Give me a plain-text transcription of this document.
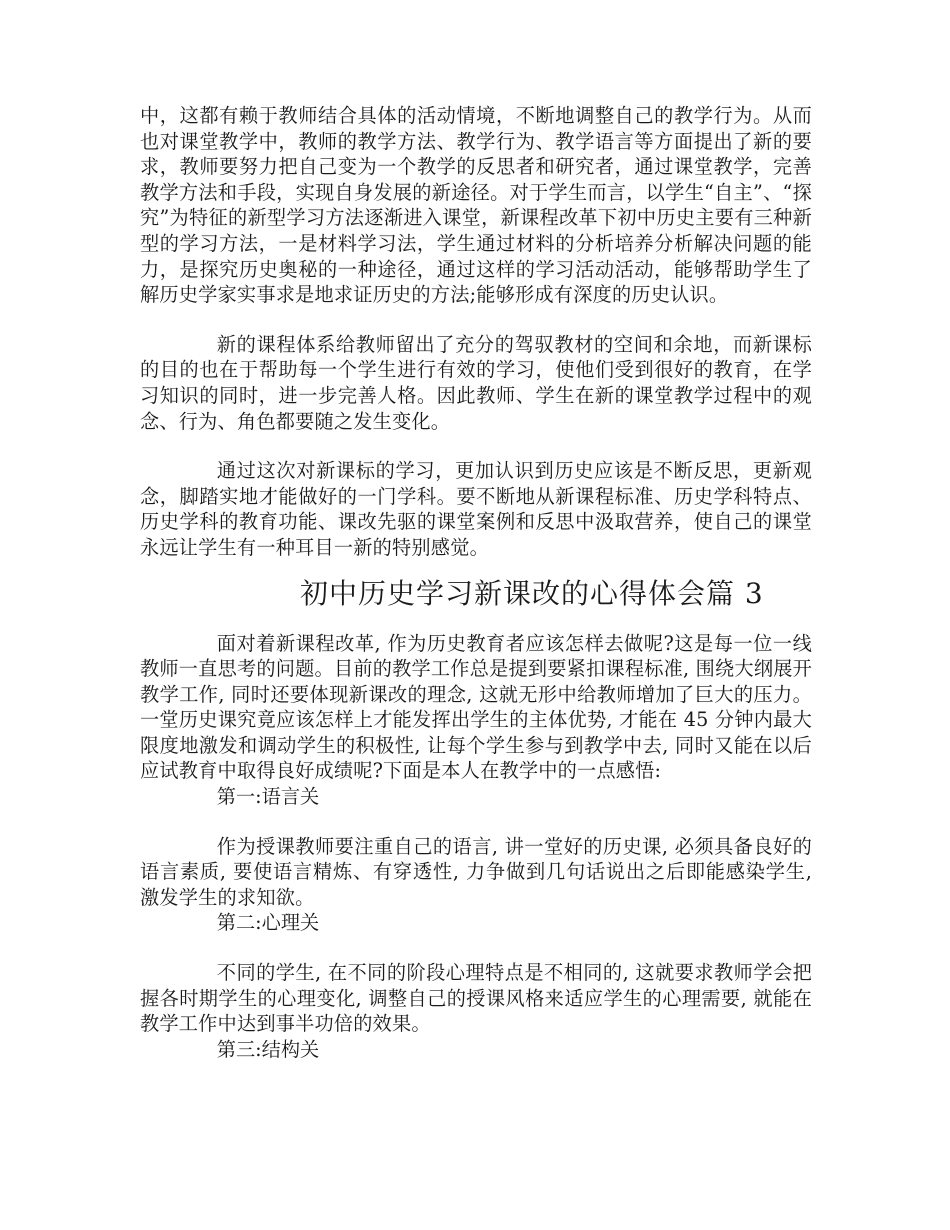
中，这都有赖于教师结合具体的活动情境，不断地调整自己的教学行为。从而也对课堂教学中，教师的教学方法、教学行为、教学语言等方面提出了新的要求，教师要努力把自己变为一个教学的反思者和研究者，通过课堂教学，完善教学方法和手段，实现自身发展的新途径。对于学生而言，以学生“自主”、“探究”为特征的新型学习方法逐渐进入课堂，新课程改革下初中历史主要有三种新型的学习方法，一是材料学习法，学生通过材料的分析培养分析解决问题的能力，是探究历史奥秘的一种途径，通过这样的学习活动活动，能够帮助学生了解历史学家实事求是地求证历史的方法;能够形成有深度的历史认识。

新的课程体系给教师留出了充分的驾驭教材的空间和余地，而新课标的目的也在于帮助每一个学生进行有效的学习，使他们受到很好的教育，在学习知识的同时，进一步完善人格。因此教师、学生在新的课堂教学过程中的观念、行为、角色都要随之发生变化。

通过这次对新课标的学习，更加认识到历史应该是不断反思，更新观念，脚踏实地才能做好的一门学科。要不断地从新课程标准、历史学科特点、历史学科的教育功能、课改先驱的课堂案例和反思中汲取营养，使自己的课堂永远让学生有一种耳目一新的特别感觉。

初中历史学习新课改的心得体会篇 3

面对着新课程改革, 作为历史教育者应该怎样去做呢?这是每一位一线教师一直思考的问题。目前的教学工作总是提到要紧扣课程标准, 围绕大纲展开教学工作, 同时还要体现新课改的理念, 这就无形中给教师增加了巨大的压力。一堂历史课究竟应该怎样上才能发挥出学生的主体优势, 才能在 45 分钟内最大限度地激发和调动学生的积极性, 让每个学生参与到教学中去, 同时又能在以后应试教育中取得良好成绩呢?下面是本人在教学中的一点感悟:

第一:语言关

作为授课教师要注重自己的语言, 讲一堂好的历史课, 必须具备良好的语言素质, 要使语言精炼、有穿透性, 力争做到几句话说出之后即能感染学生, 激发学生的求知欲。

第二:心理关

不同的学生, 在不同的阶段心理特点是不相同的, 这就要求教师学会把握各时期学生的心理变化, 调整自己的授课风格来适应学生的心理需要, 就能在教学工作中达到事半功倍的效果。

第三:结构关
